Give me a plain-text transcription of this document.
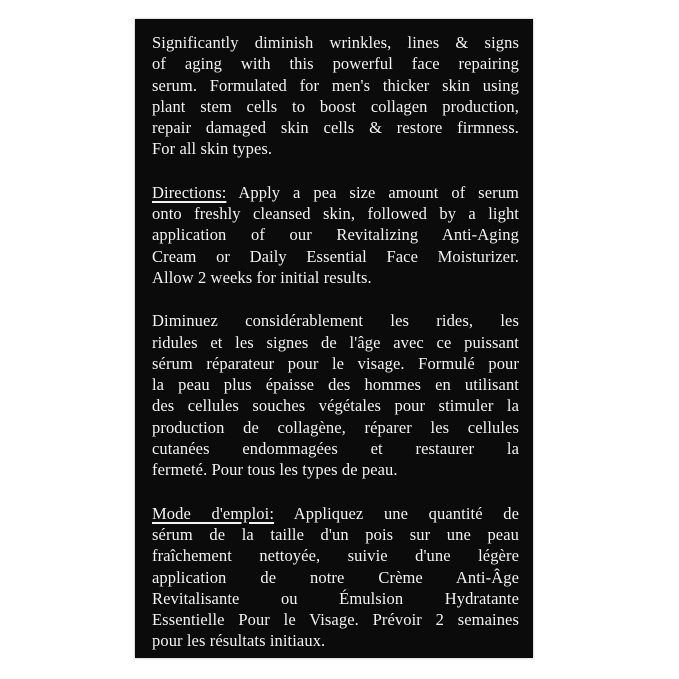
Significantly diminish wrinkles, lines & signs
of aging with this powerful face repairing
serum. Formulated for men's thicker skin using
plant stem cells to boost collagen production,
repair damaged skin cells & restore firmness.
For all skin types.
Directions: Apply a pea size amount of serum
onto freshly cleansed skin, followed by a light
application of our Revitalizing Anti-Aging
Cream or Daily Essential Face Moisturizer.
Allow 2 weeks for initial results.
Diminuez considérablement les rides, les
ridules et les signes de l'âge avec ce puissant
sérum réparateur pour le visage. Formulé pour
la peau plus épaisse des hommes en utilisant
des cellules souches végétales pour stimuler la
production de collagène, réparer les cellules
cutanées endommagées et restaurer la
fermeté. Pour tous les types de peau.
Mode d'emploi: Appliquez une quantité de
sérum de la taille d'un pois sur une peau
fraîchement nettoyée, suivie d'une légère
application de notre Crème Anti-Âge
Revitalisante ou Émulsion Hydratante
Essentielle Pour le Visage. Prévoir 2 semaines
pour les résultats initiaux.
